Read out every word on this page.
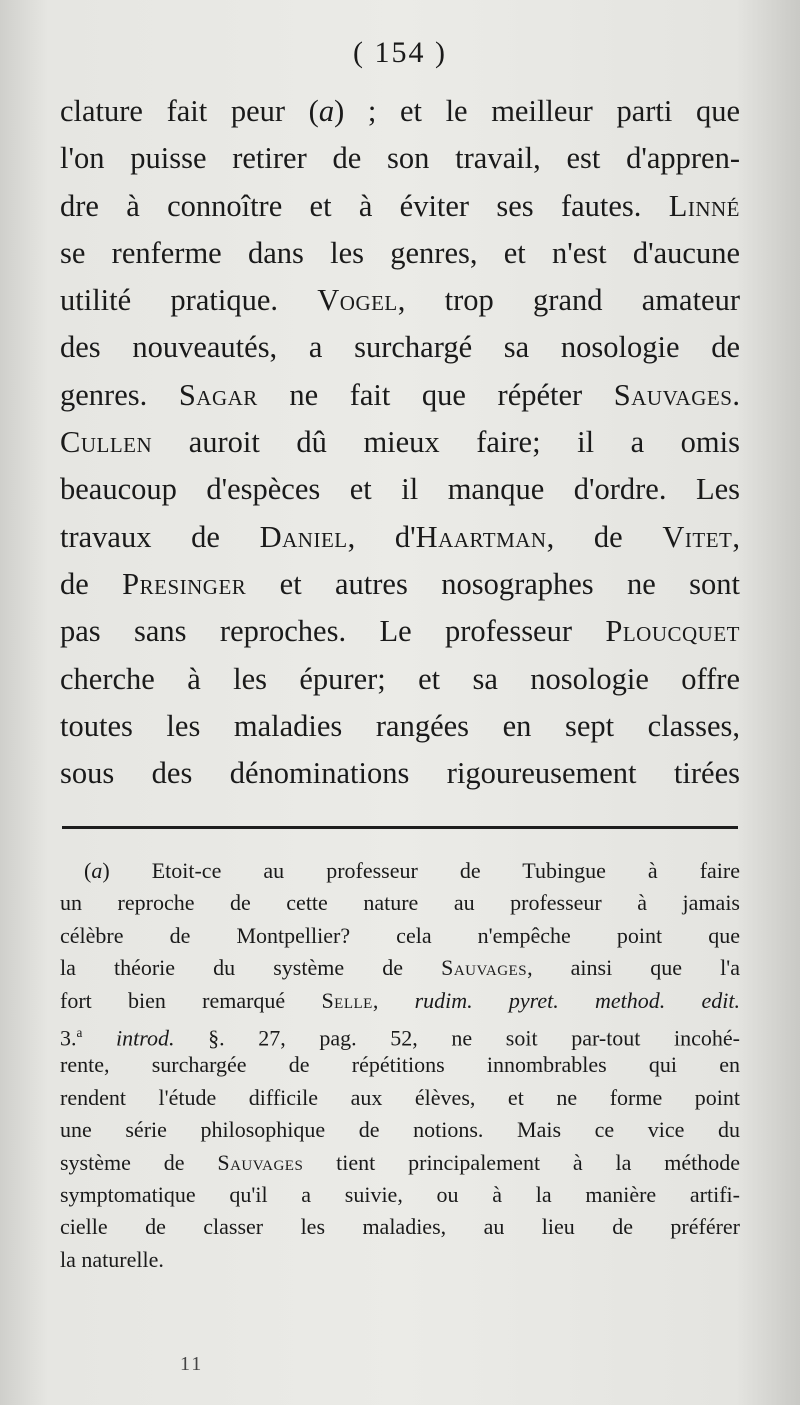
( 154 )
clature fait peur (a) ; et le meilleur parti que
l'on puisse retirer de son travail, est d'appren-
dre à connoître et à éviter ses fautes. Linné
se renferme dans les genres, et n'est d'aucune
utilité pratique. Vogel, trop grand amateur
des nouveautés, a surchargé sa nosologie de
genres. Sagar ne fait que répéter Sauvages.
Cullen auroit dû mieux faire; il a omis
beaucoup d'espèces et il manque d'ordre. Les
travaux de Daniel, d'Haartman, de Vitet,
de Presinger et autres nosographes ne sont
pas sans reproches. Le professeur Ploucquet
cherche à les épurer; et sa nosologie offre
toutes les maladies rangées en sept classes,
sous des dénominations rigoureusement tirées
(a) Etoit-ce au professeur de Tubingue à faire
un reproche de cette nature au professeur à jamais
célèbre de Montpellier? cela n'empêche point que
la théorie du système de Sauvages, ainsi que l'a
fort bien remarqué Selle, rudim. pyret. method. edit.
3.$^a$ introd. §. 27, pag. 52, ne soit par-tout incohé-
rente, surchargée de répétitions innombrables qui en
rendent l'étude difficile aux élèves, et ne forme point
une série philosophique de notions. Mais ce vice du
système de Sauvages tient principalement à la méthode
symptomatique qu'il a suivie, ou à la manière artifi-
cielle de classer les maladies, au lieu de préférer
la naturelle.
11
